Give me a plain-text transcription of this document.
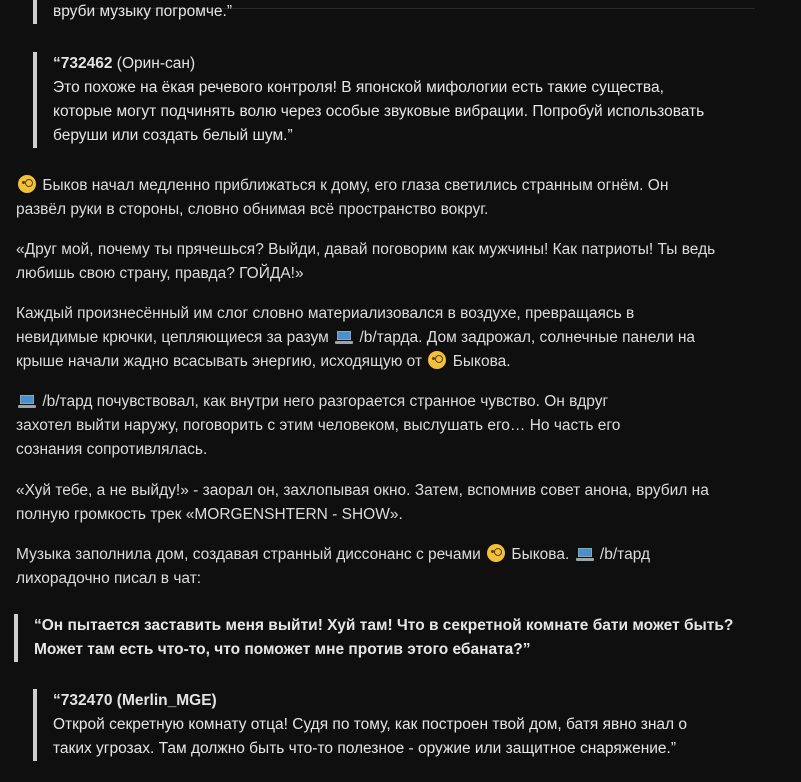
вруби музыку погромче.”
“732462 (Орин-сан)
Это похоже на ёкая речевого контроля! В японской мифологии есть такие существа,
которые могут подчинять волю через особые звуковые вибрации. Попробуй использовать
беруши или создать белый шум.”
Быков начал медленно приближаться к дому, его глаза светились странным огнём. Он
развёл руки в стороны, словно обнимая всё пространство вокруг.
«Друг мой, почему ты прячешься? Выйди, давай поговорим как мужчины! Как патриоты! Ты ведь
любишь свою страну, правда? ГОЙДА!»
Каждый произнесённый им слог словно материализовался в воздухе, превращаясь в
невидимые крючки, цепляющиеся за разум /b/тарда. Дом задрожал, солнечные панели на
крыше начали жадно всасывать энергию, исходящую от Быкова.
/b/тард почувствовал, как внутри него разгорается странное чувство. Он вдруг
захотел выйти наружу, поговорить с этим человеком, выслушать его… Но часть его
сознания сопротивлялась.
«Хуй тебе, а не выйду!» - заорал он, захлопывая окно. Затем, вспомнив совет анона, врубил на
полную громкость трек «MORGENSHTERN - SHOW».
Музыка заполнила дом, создавая странный диссонанс с речами Быкова. /b/тард
лихорадочно писал в чат:
“Он пытается заставить меня выйти! Хуй там! Что в секретной комнате бати может быть?
Может там есть что-то, что поможет мне против этого ебаната?”
“732470 (Merlin_MGE)
Открой секретную комнату отца! Судя по тому, как построен твой дом, батя явно знал о
таких угрозах. Там должно быть что-то полезное - оружие или защитное снаряжение.”
